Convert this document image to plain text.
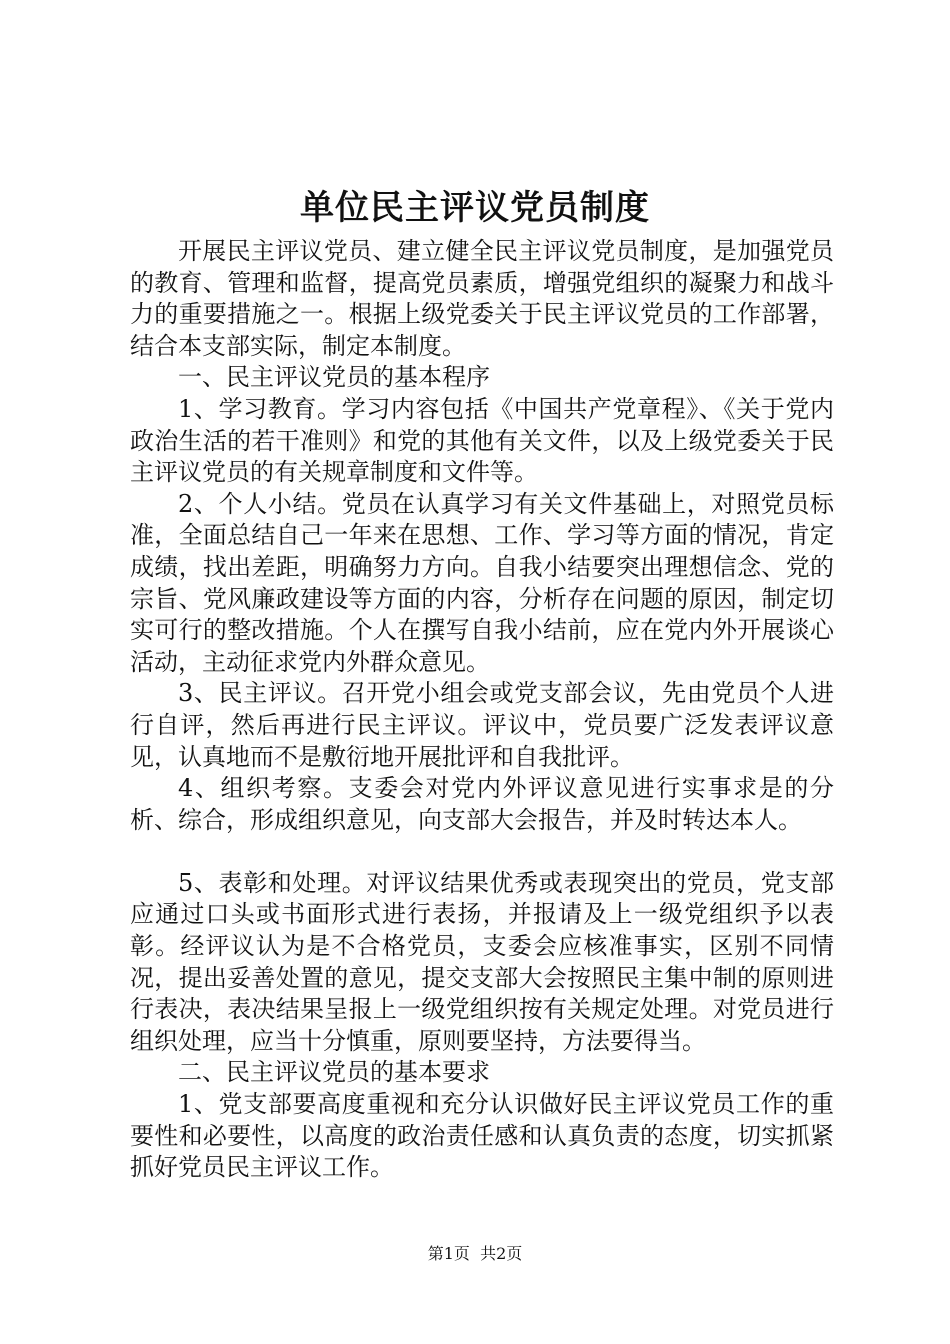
单位民主评议党员制度

开展民主评议党员、建立健全民主评议党员制度，是加强党员的教育、管理和监督，提高党员素质，增强党组织的凝聚力和战斗力的重要措施之一。根据上级党委关于民主评议党员的工作部署，结合本支部实际，制定本制度。

一、民主评议党员的基本程序

1、学习教育。学习内容包括《中国共产党章程》、《关于党内政治生活的若干准则》和党的其他有关文件，以及上级党委关于民主评议党员的有关规章制度和文件等。

2、个人小结。党员在认真学习有关文件基础上，对照党员标准，全面总结自己一年来在思想、工作、学习等方面的情况，肯定成绩，找出差距，明确努力方向。自我小结要突出理想信念、党的宗旨、党风廉政建设等方面的内容，分析存在问题的原因，制定切实可行的整改措施。个人在撰写自我小结前，应在党内外开展谈心活动，主动征求党内外群众意见。

3、民主评议。召开党小组会或党支部会议，先由党员个人进行自评，然后再进行民主评议。评议中，党员要广泛发表评议意见，认真地而不是敷衍地开展批评和自我批评。

4、组织考察。支委会对党内外评议意见进行实事求是的分析、综合，形成组织意见，向支部大会报告，并及时转达本人。

5、表彰和处理。对评议结果优秀或表现突出的党员，党支部应通过口头或书面形式进行表扬，并报请及上一级党组织予以表彰。经评议认为是不合格党员，支委会应核准事实，区别不同情况，提出妥善处置的意见，提交支部大会按照民主集中制的原则进行表决，表决结果呈报上一级党组织按有关规定处理。对党员进行组织处理，应当十分慎重，原则要坚持，方法要得当。

二、民主评议党员的基本要求

1、党支部要高度重视和充分认识做好民主评议党员工作的重要性和必要性，以高度的政治责任感和认真负责的态度，切实抓紧抓好党员民主评议工作。

第1页 共2页
